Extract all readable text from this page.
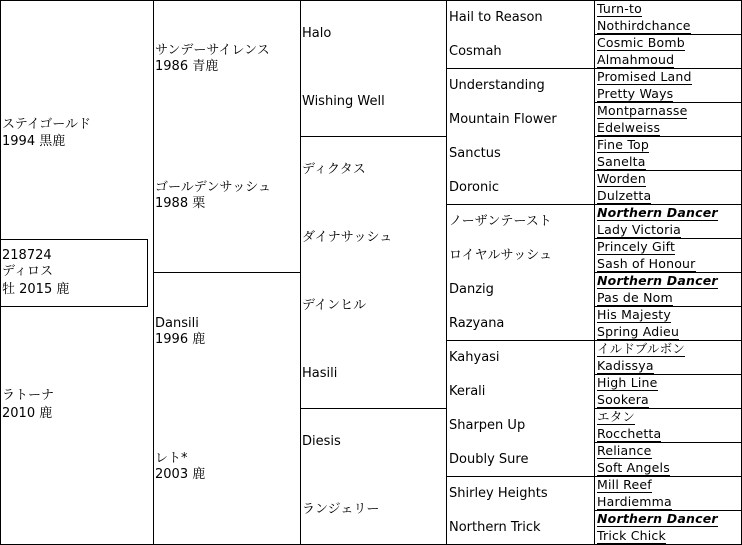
218724
ディロス
牡 2015 鹿
ステイゴールド
1994 黒鹿
ラトーナ
2010 鹿
サンデーサイレンス
1986 青鹿
ゴールデンサッシュ
1988 栗
Dansili
1996 鹿
レト*
2003 鹿
Halo
Wishing Well
ディクタス
ダイナサッシュ
デインヒル
Hasili
Diesis
ランジェリー
Hail to Reason
Cosmah
Understanding
Mountain Flower
Sanctus
Doronic
ノーザンテースト
ロイヤルサッシュ
Danzig
Razyana
Kahyasi
Kerali
Sharpen Up
Doubly Sure
Shirley Heights
Northern Trick
Turn-to
Nothirdchance
Cosmic Bomb
Almahmoud
Promised Land
Pretty Ways
Montparnasse
Edelweiss
Fine Top
Sanelta
Worden
Dulzetta
Northern Dancer
Lady Victoria
Princely Gift
Sash of Honour
Northern Dancer
Pas de Nom
His Majesty
Spring Adieu
イルドブルボン
Kadissya
High Line
Sookera
エタン
Rocchetta
Reliance
Soft Angels
Mill Reef
Hardiemma
Northern Dancer
Trick Chick
